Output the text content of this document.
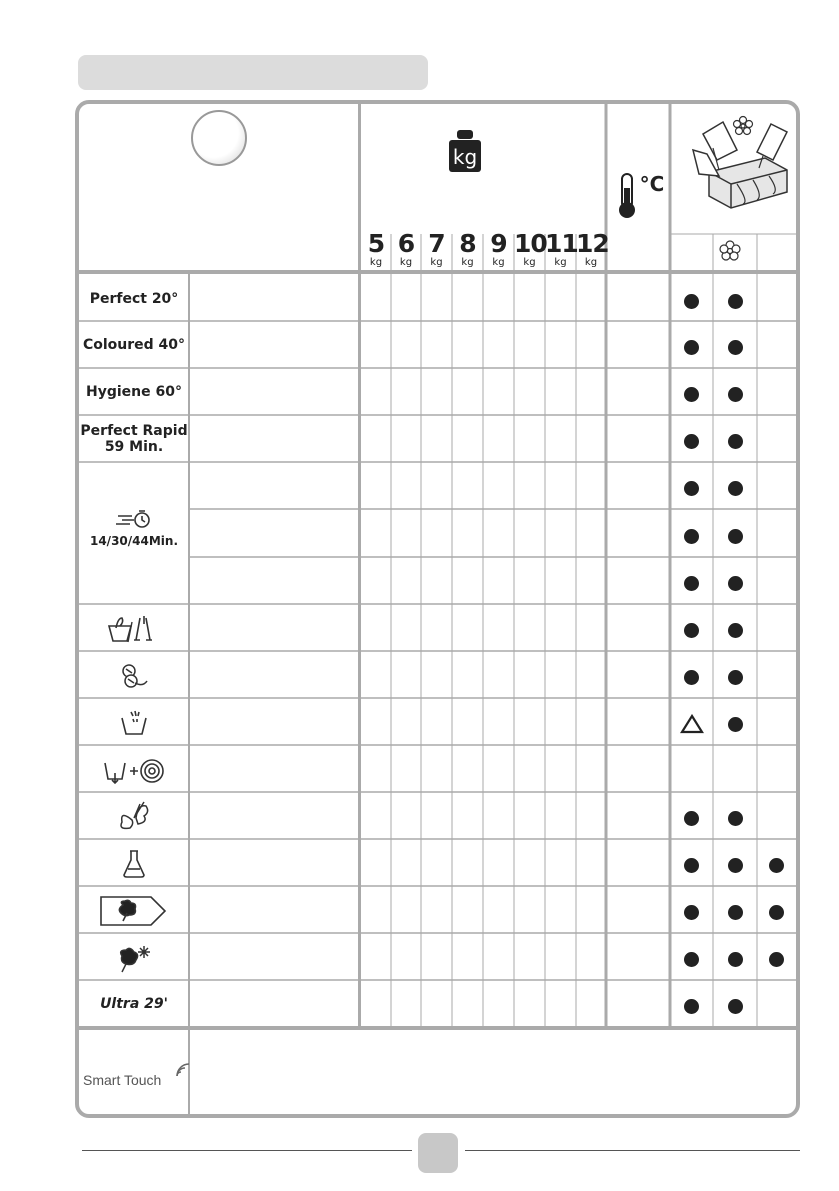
kg
°C
5
kg
6
kg
7
kg
8
kg
9
kg
10
kg
11
kg
12
kg
Perfect 20°
Coloured 40°
Hygiene 60°
Perfect Rapid
59 Min.
14/30/44Min.
Ultra 29'
Smart Touch
